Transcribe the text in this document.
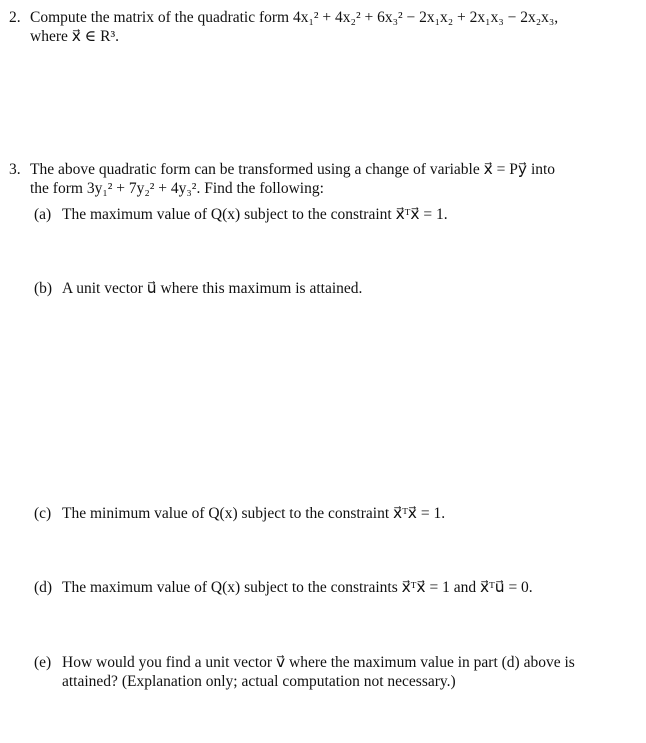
2. Compute the matrix of the quadratic form 4x₁² + 4x₂² + 6x₃² − 2x₁x₂ + 2x₁x₃ − 2x₂x₃,
where x⃗ ∈ R³.
3. The above quadratic form can be transformed using a change of variable x⃗ = Py⃗ into
the form 3y₁² + 7y₂² + 4y₃². Find the following:
(a) The maximum value of Q(x) subject to the constraint x⃗ᵀx⃗ = 1.
(b) A unit vector u⃗ where this maximum is attained.
(c) The minimum value of Q(x) subject to the constraint x⃗ᵀx⃗ = 1.
(d) The maximum value of Q(x) subject to the constraints x⃗ᵀx⃗ = 1 and x⃗ᵀu⃗ = 0.
(e) How would you find a unit vector v⃗ where the maximum value in part (d) above is
attained? (Explanation only; actual computation not necessary.)
